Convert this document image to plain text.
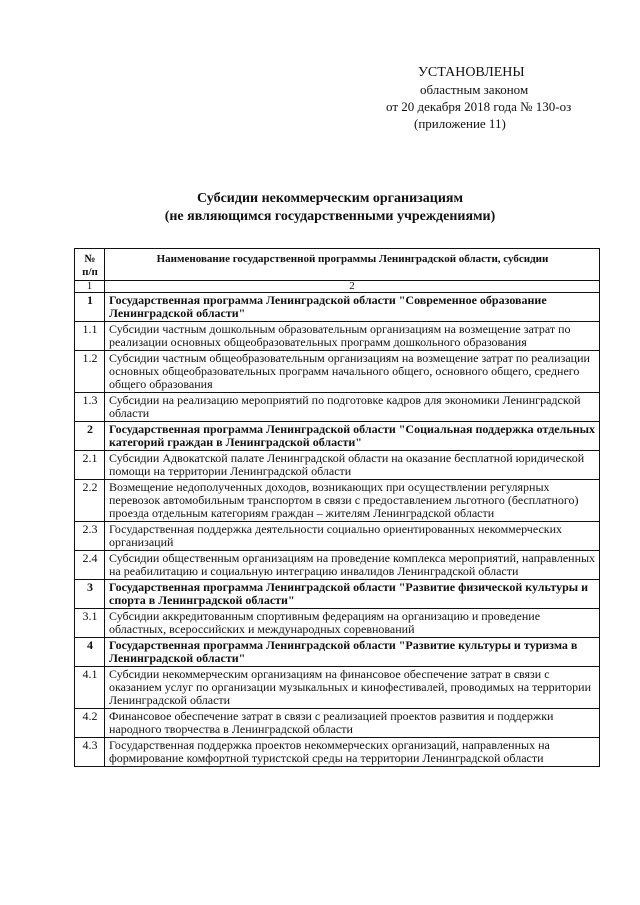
УСТАНОВЛЕНЫ
областным законом
от 20 декабря 2018 года № 130-оз
(приложение 11)
Субсидии некоммерческим организациям
(не являющимся государственными учреждениями)
№ п/п	Наименование государственной программы Ленинградской области, субсидии
1	2
1	Государственная программа Ленинградской области "Современное образование Ленинградской области"
1.1	Субсидии частным дошкольным образовательным организациям на возмещение затрат по реализации основных общеобразовательных программ дошкольного образования
1.2	Субсидии частным общеобразовательным организациям на возмещение затрат по реализации основных общеобразовательных программ начального общего, основного общего, среднего общего образования
1.3	Субсидии на реализацию мероприятий по подготовке кадров для экономики Ленинградской области
2	Государственная программа Ленинградской области "Социальная поддержка отдельных категорий граждан в Ленинградской области"
2.1	Субсидии Адвокатской палате Ленинградской области на оказание бесплатной юридической помощи на территории Ленинградской области
2.2	Возмещение недополученных доходов, возникающих при осуществлении регулярных перевозок автомобильным транспортом в связи с предоставлением льготного (бесплатного) проезда отдельным категориям граждан – жителям Ленинградской области
2.3	Государственная поддержка деятельности социально ориентированных некоммерческих организаций
2.4	Субсидии общественным организациям на проведение комплекса мероприятий, направленных на реабилитацию и социальную интеграцию инвалидов Ленинградской области
3	Государственная программа Ленинградской области "Развитие физической культуры и спорта в Ленинградской области"
3.1	Субсидии аккредитованным спортивным федерациям на организацию и проведение областных, всероссийских и международных соревнований
4	Государственная программа Ленинградской области "Развитие культуры и туризма в Ленинградской области"
4.1	Субсидии некоммерческим организациям на финансовое обеспечение затрат в связи с оказанием услуг по организации музыкальных и кинофестивалей, проводимых на территории Ленинградской области
4.2	Финансовое обеспечение затрат в связи с реализацией проектов развития и поддержки народного творчества в Ленинградской области
4.3	Государственная поддержка проектов некоммерческих организаций, направленных на формирование комфортной туристской среды на территории Ленинградской области
